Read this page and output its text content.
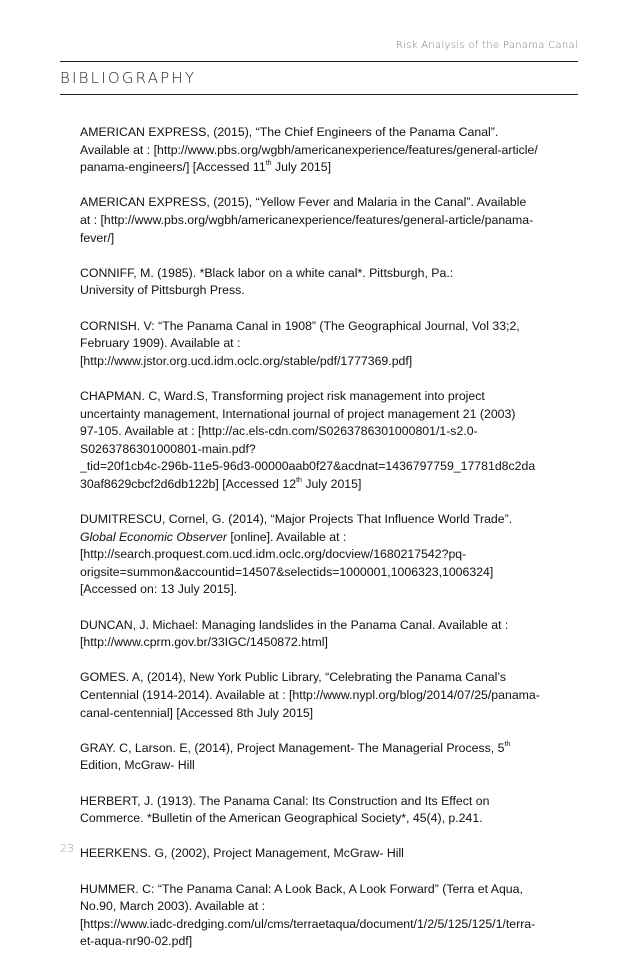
Risk Analysis of the Panama Canal
BIBLIOGRAPHY
AMERICAN EXPRESS, (2015), “The Chief Engineers of the Panama Canal”.
Available at : [http://www.pbs.org/wgbh/americanexperience/features/general-article/
panama-engineers/] [Accessed 11th July 2015]
AMERICAN EXPRESS, (2015), “Yellow Fever and Malaria in the Canal”. Available
at : [http://www.pbs.org/wgbh/americanexperience/features/general-article/panama-
fever/]
CONNIFF, M. (1985). *Black labor on a white canal*. Pittsburgh, Pa.:
University of Pittsburgh Press.
CORNISH. V: “The Panama Canal in 1908” (The Geographical Journal, Vol 33;2,
February 1909). Available at :
[http://www.jstor.org.ucd.idm.oclc.org/stable/pdf/1777369.pdf]
CHAPMAN. C, Ward.S, Transforming project risk management into project
uncertainty management, International journal of project management 21 (2003)
97-105. Available at : [http://ac.els-cdn.com/S0263786301000801/1-s2.0-
S0263786301000801-main.pdf?
_tid=20f1cb4c-296b-11e5-96d3-00000aab0f27&acdnat=1436797759_17781d8c2da
30af8629cbcf2d6db122b] [Accessed 12th July 2015]
DUMITRESCU, Cornel, G. (2014), “Major Projects That Influence World Trade”.
Global Economic Observer [online]. Available at :
[http://search.proquest.com.ucd.idm.oclc.org/docview/1680217542?pq-
origsite=summon&accountid=14507&selectids=1000001,1006323,1006324]
[Accessed on: 13 July 2015].
DUNCAN, J. Michael: Managing landslides in the Panama Canal. Available at :
[http://www.cprm.gov.br/33IGC/1450872.html]
GOMES. A, (2014), New York Public Library, “Celebrating the Panama Canal’s
Centennial (1914-2014). Available at : [http://www.nypl.org/blog/2014/07/25/panama-
canal-centennial] [Accessed 8th July 2015]
GRAY. C, Larson. E, (2014), Project Management- The Managerial Process, 5th
Edition, McGraw- Hill
HERBERT, J. (1913). The Panama Canal: Its Construction and Its Effect on
Commerce. *Bulletin of the American Geographical Society*, 45(4), p.241.
HEERKENS. G, (2002), Project Management, McGraw- Hill
HUMMER. C: “The Panama Canal: A Look Back, A Look Forward” (Terra et Aqua,
No.90, March 2003). Available at :
[https://www.iadc-dredging.com/ul/cms/terraetaqua/document/1/2/5/125/125/1/terra-
et-aqua-nr90-02.pdf]
23
